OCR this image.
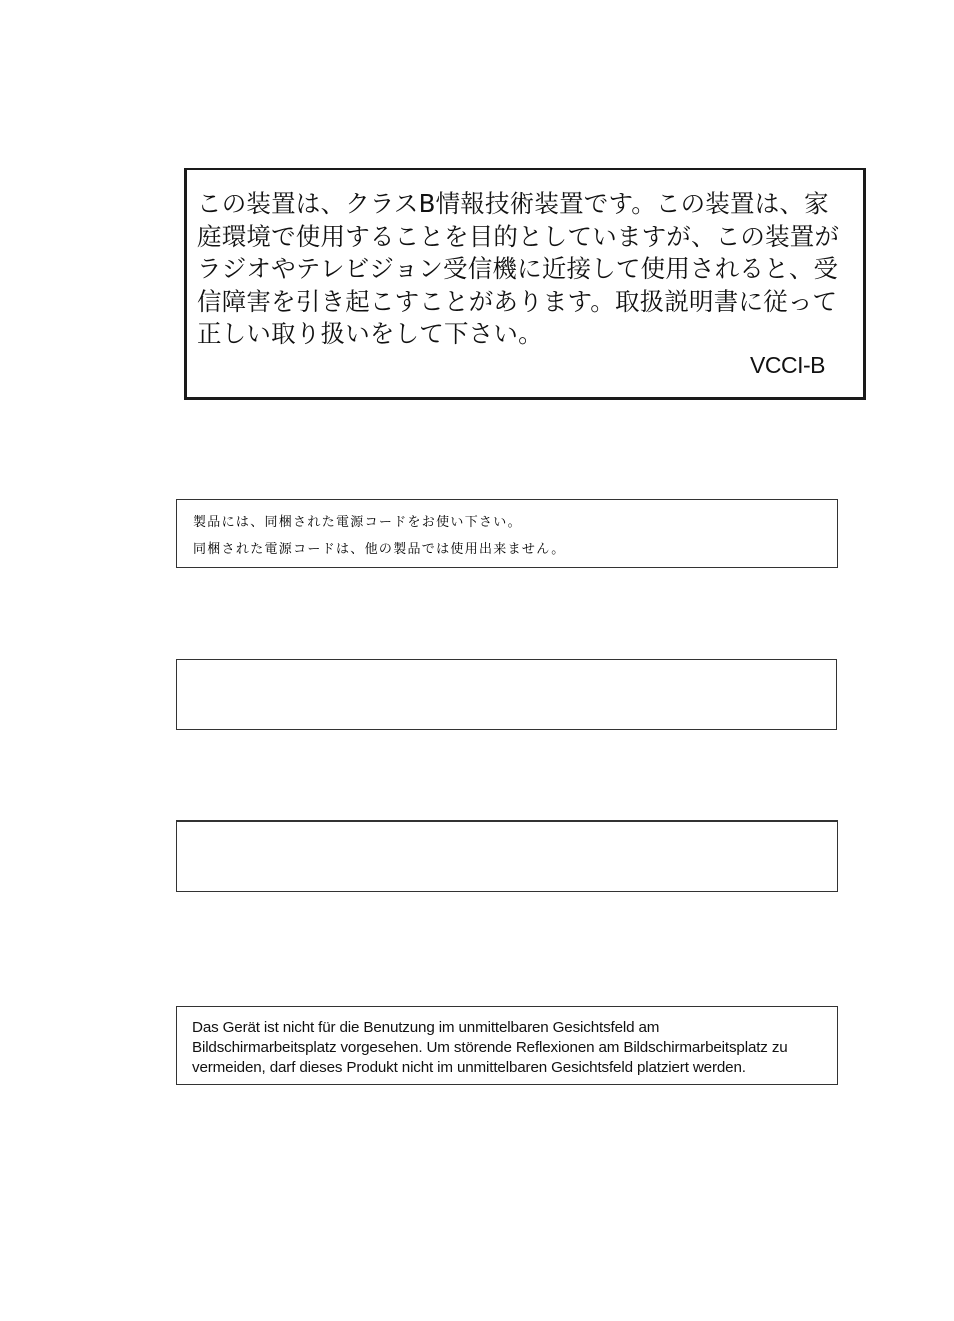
この装置は、クラスB情報技術装置です。この装置は、家
庭環境で使用することを目的としていますが、この装置が
ラジオやテレビジョン受信機に近接して使用されると、受
信障害を引き起こすことがあります。取扱説明書に従って
正しい取り扱いをして下さい。
VCCI-B
製品には、同梱された電源コードをお使い下さい。
同梱された電源コードは、他の製品では使用出来ません。
Das Gerät ist nicht für die Benutzung im unmittelbaren Gesichtsfeld am
Bildschirmarbeitsplatz vorgesehen. Um störende Reflexionen am Bildschirmarbeitsplatz zu
vermeiden, darf dieses Produkt nicht im unmittelbaren Gesichtsfeld platziert werden.
